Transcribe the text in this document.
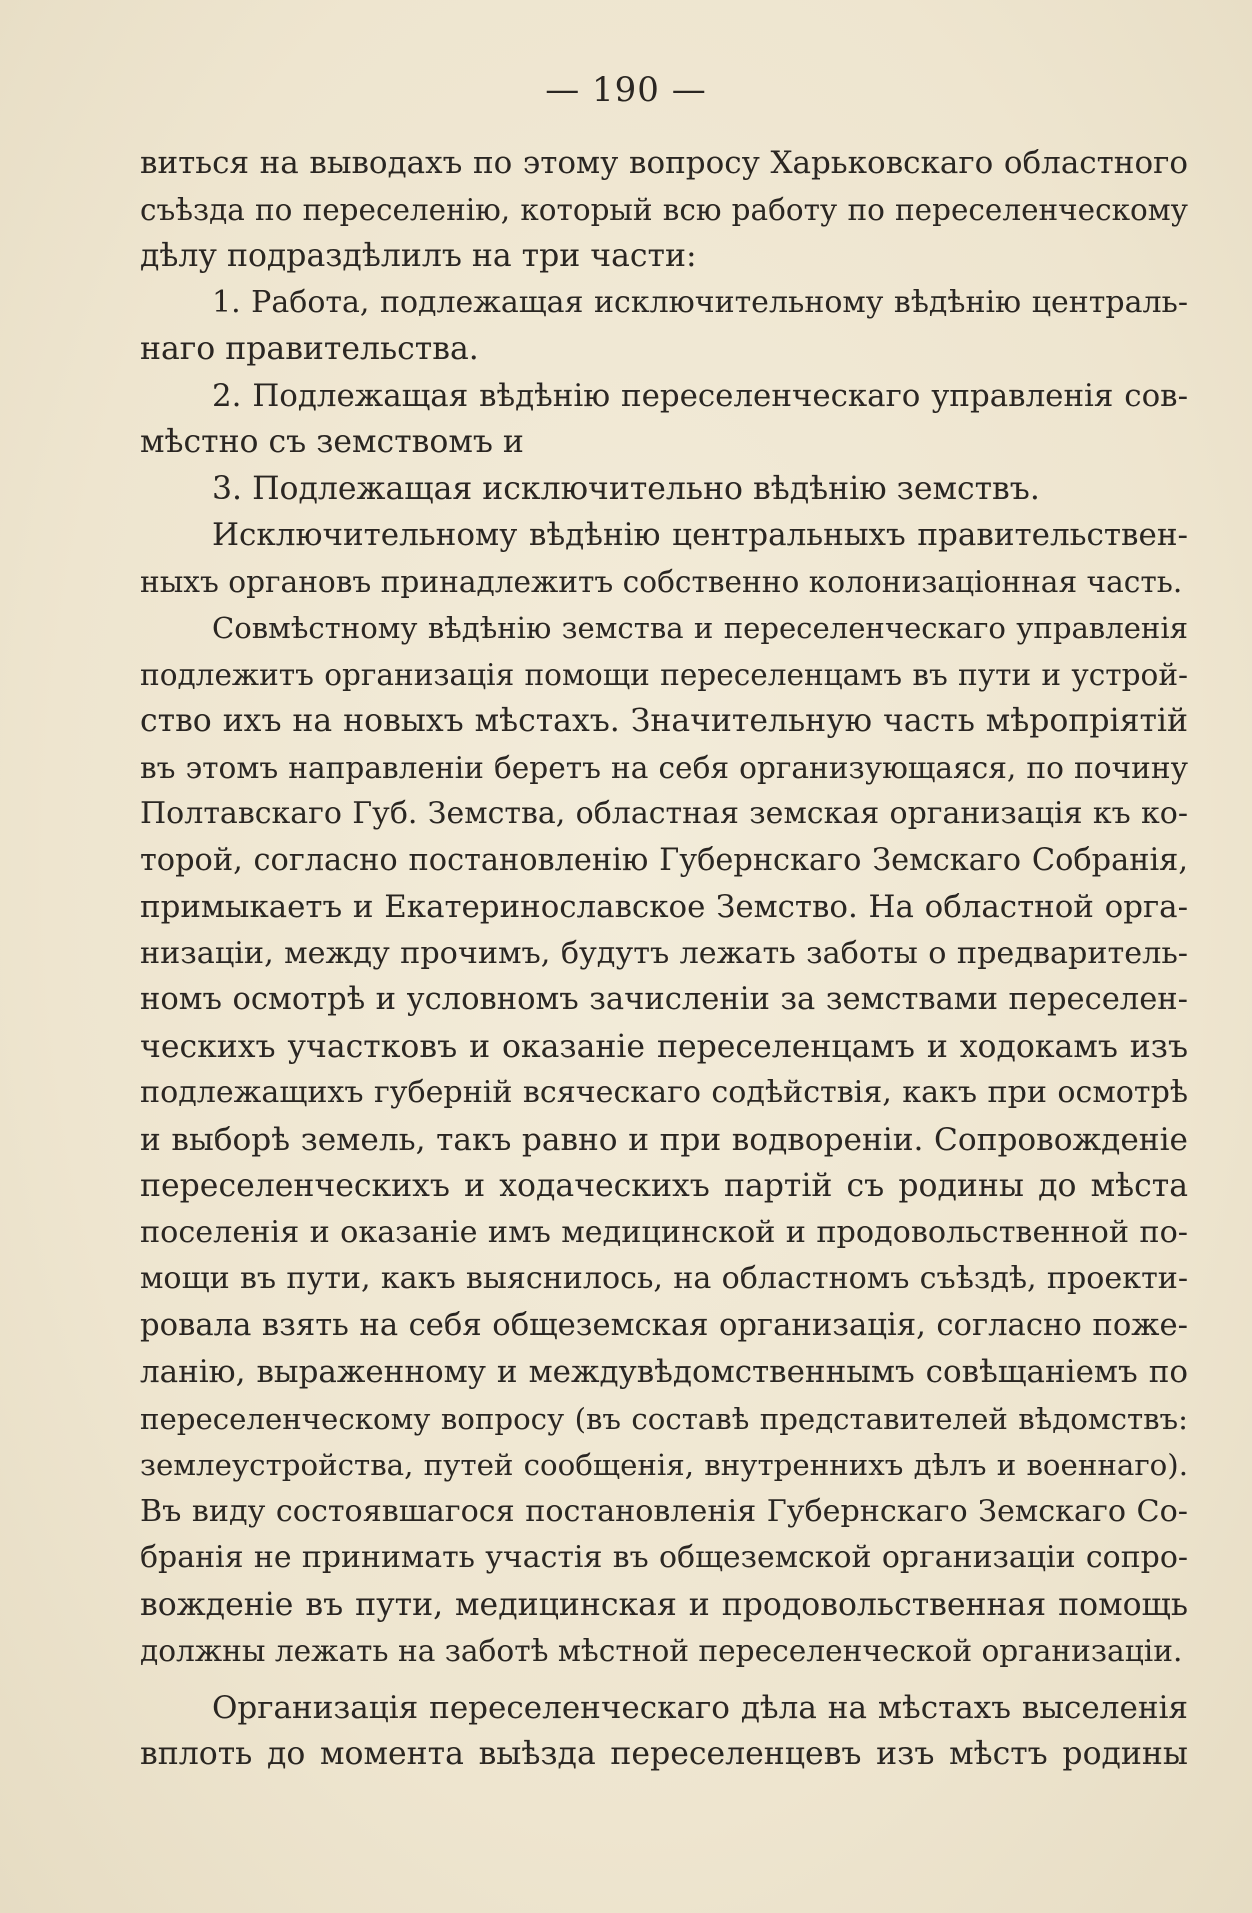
— 190 —
виться на выводахъ по этому вопросу Харьковскаго областного
съѣзда по переселенію, который всю работу по переселенческому
дѣлу подраздѣлилъ на три части:
1. Работа, подлежащая исключительному вѣдѣнію централь-
наго правительства.
2. Подлежащая вѣдѣнію переселенческаго управленія сов-
мѣстно съ земствомъ и
3. Подлежащая исключительно вѣдѣнію земствъ.
Исключительному вѣдѣнію центральныхъ правительствен-
ныхъ органовъ принадлежитъ собственно колонизаціонная часть.
Совмѣстному вѣдѣнію земства и переселенческаго управленія
подлежитъ организація помощи переселенцамъ въ пути и устрой-
ство ихъ на новыхъ мѣстахъ. Значительную часть мѣропріятій
въ этомъ направленіи беретъ на себя организующаяся, по почину
Полтавскаго Губ. Земства, областная земская организація къ ко-
торой, согласно постановленію Губернскаго Земскаго Собранія,
примыкаетъ и Екатеринославское Земство. На областной орга-
низаціи, между прочимъ, будутъ лежать заботы о предваритель-
номъ осмотрѣ и условномъ зачисленіи за земствами переселен-
ческихъ участковъ и оказаніе переселенцамъ и ходокамъ изъ
подлежащихъ губерній всяческаго содѣйствія, какъ при осмотрѣ
и выборѣ земель, такъ равно и при водвореніи. Сопровожденіе
переселенческихъ и ходаческихъ партій съ родины до мѣста
поселенія и оказаніе имъ медицинской и продовольственной по-
мощи въ пути, какъ выяснилось, на областномъ съѣздѣ, проекти-
ровала взять на себя общеземская организація, согласно поже-
ланію, выраженному и междувѣдомственнымъ совѣщаніемъ по
переселенческому вопросу (въ составѣ представителей вѣдомствъ:
землеустройства, путей сообщенія, внутреннихъ дѣлъ и военнаго).
Въ виду состоявшагося постановленія Губернскаго Земскаго Со-
бранія не принимать участія въ общеземской организаціи сопро-
вожденіе въ пути, медицинская и продовольственная помощь
должны лежать на заботѣ мѣстной переселенческой организаціи.
Организація переселенческаго дѣла на мѣстахъ выселенія
вплоть до момента выѣзда переселенцевъ изъ мѣстъ родины
